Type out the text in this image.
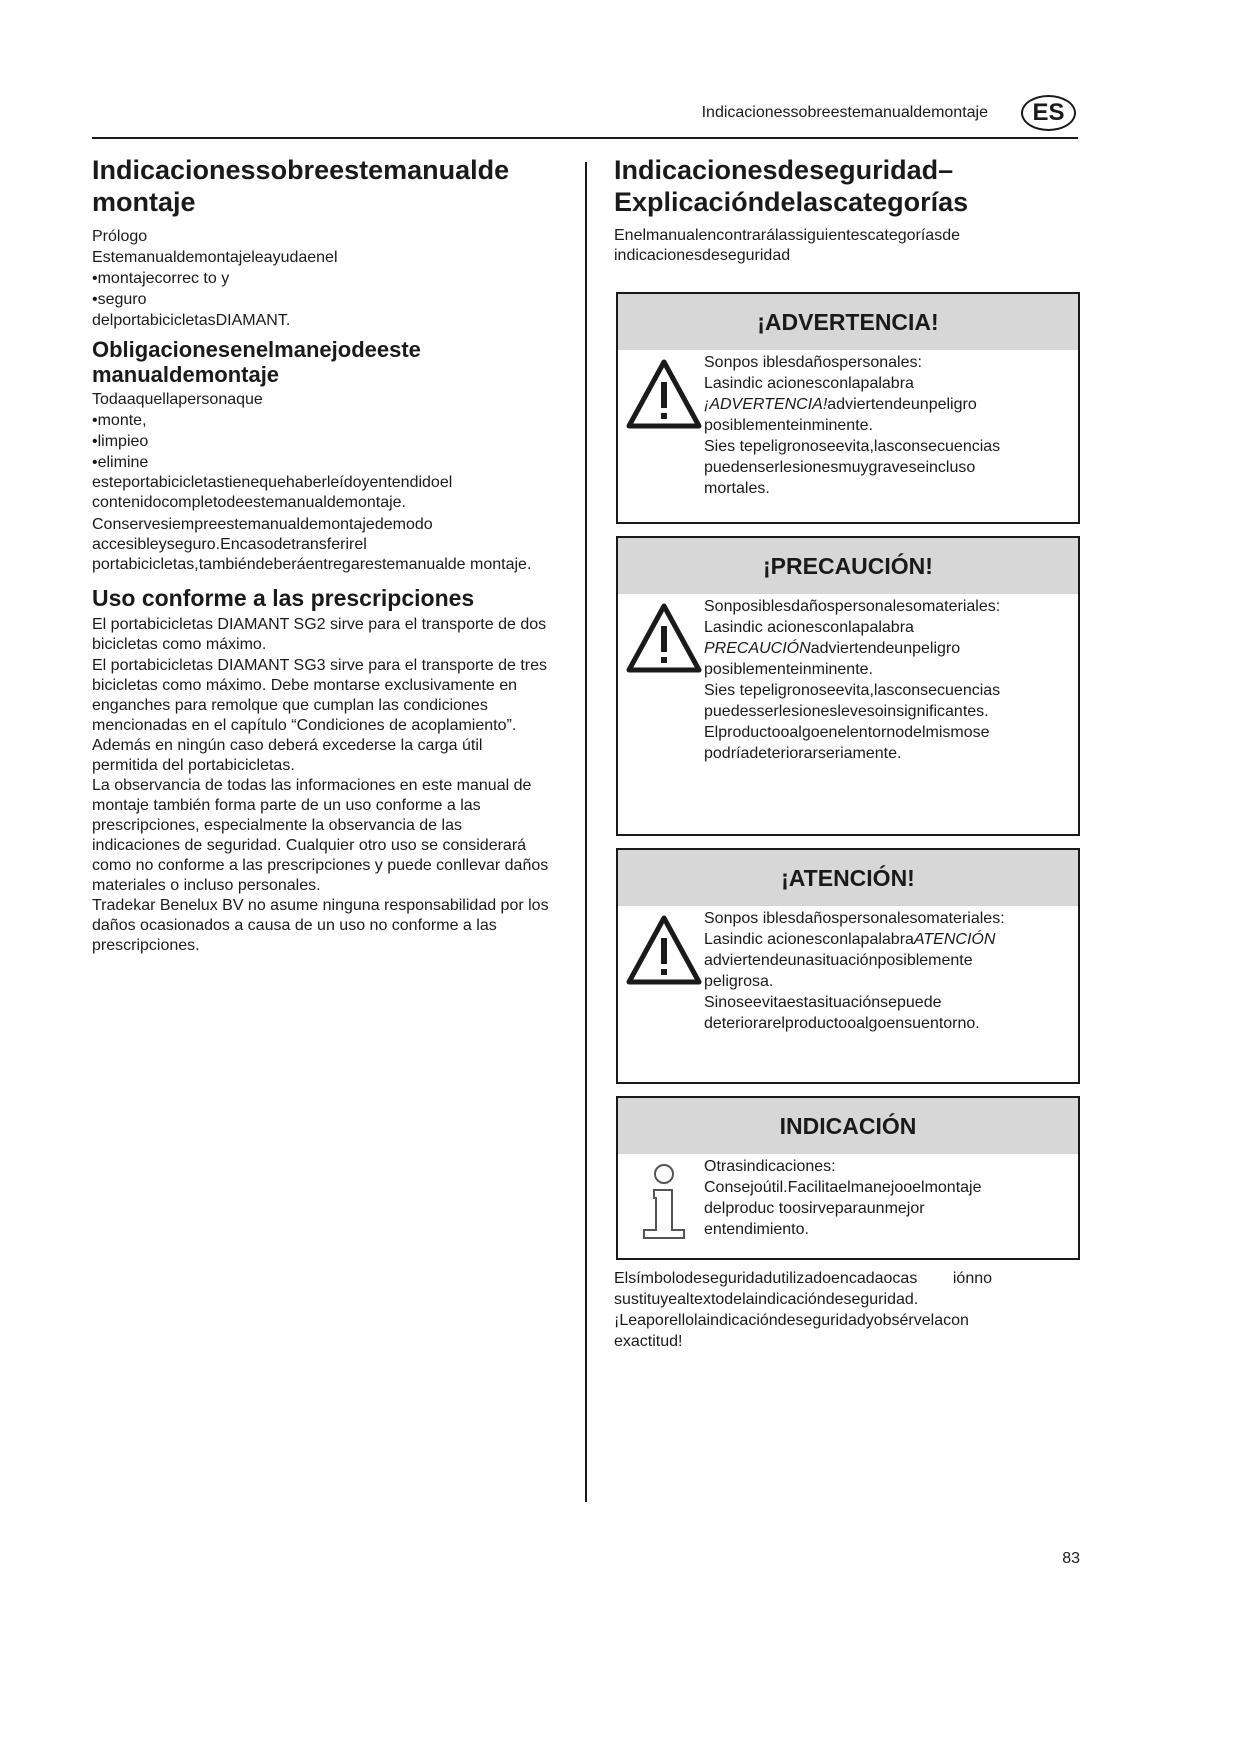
Indicacionessobreestemanualdemontaje	ES
Indicacionessobreestemanualde montaje

Prólogo

Estemanualdemontajeleayudaenel

•montajecorrec to y

•seguro

delportabicicletasDIAMANT.

Obligacionesenelmanejodeeste manualdemontaje

Todaaquellapersonaque

•monte,

•limpieo

•elimine

esteportabicicletastienequehaberleídoyentendidoel contenidocompletodeestemanualdemontaje.

Conservesiempreestemanualdemontajedemodo accesibleyseguro.Encasodetransferirel portabicicletas,tambiéndeberáentregarestemanualde montaje.

Uso conforme a las prescripciones

El portabicicletas DIAMANT SG2 sirve para el transporte de dos bicicletas como máximo.

El portabicicletas DIAMANT SG3 sirve para el transporte de tres bicicletas como máximo. Debe montarse exclusivamente en enganches para remolque que cumplan las condiciones mencionadas en el capítulo “Condiciones de acoplamiento”. Además en ningún caso deberá excederse la carga útil permitida del portabicicletas.

La observancia de todas las informaciones en este manual de montaje también forma parte de un uso conforme a las prescripciones, especialmente la observancia de las indicaciones de seguridad. Cualquier otro uso se considerará como no conforme a las prescripciones y puede conllevar daños materiales o incluso personales.

Tradekar Benelux BV no asume ninguna responsabilidad por los daños ocasionados a causa de un uso no conforme a las prescripciones.

Indicacionesdeseguridad– Explicacióndelascategorías

Enelmanualencontrarálassiguientescategoríasde indicacionesdeseguridad

¡ADVERTENCIA!
Sonpos iblesdañospersonales:
Lasindic acionesconlapalabra
¡ADVERTENCIA!adviertendeunpeligro
posiblementeinminente.
Sies tepeligronoseevita,lasconsecuencias
puedenserlesionesmuygraveseincluso
mortales.
¡PRECAUCIÓN!
Sonposiblesdañospersonalesomateriales:
Lasindic acionesconlapalabra
PRECAUCIÓNadviertendeunpeligro
posiblementeinminente.
Sies tepeligronoseevita,lasconsecuencias
puedesserlesioneslevesoinsignificantes.
Elproductooalgoenelentornodelmismose
podríadeteriorarseriamente.
¡ATENCIÓN!
Sonpos iblesdañospersonalesomateriales:
Lasindic acionesconlapalabraATENCIÓN
adviertendeunasituaciónposiblemente
peligrosa.
Sinoseevitaestasituaciónsepuede
deteriorarelproductooalgoensuentorno.
INDICACIÓN
Otrasindicaciones:
Consejoútil.Facilitaelmanejooelmontaje
delproduc toosirveparaunmejor
entendimiento.
Elsímbolodeseguridadutilizadoencadaocas        iónno
sustituyealtextodelaindicacióndeseguridad.
¡Leaporellolaindicacióndeseguridadyobsérvelacon
exactitud!
83
